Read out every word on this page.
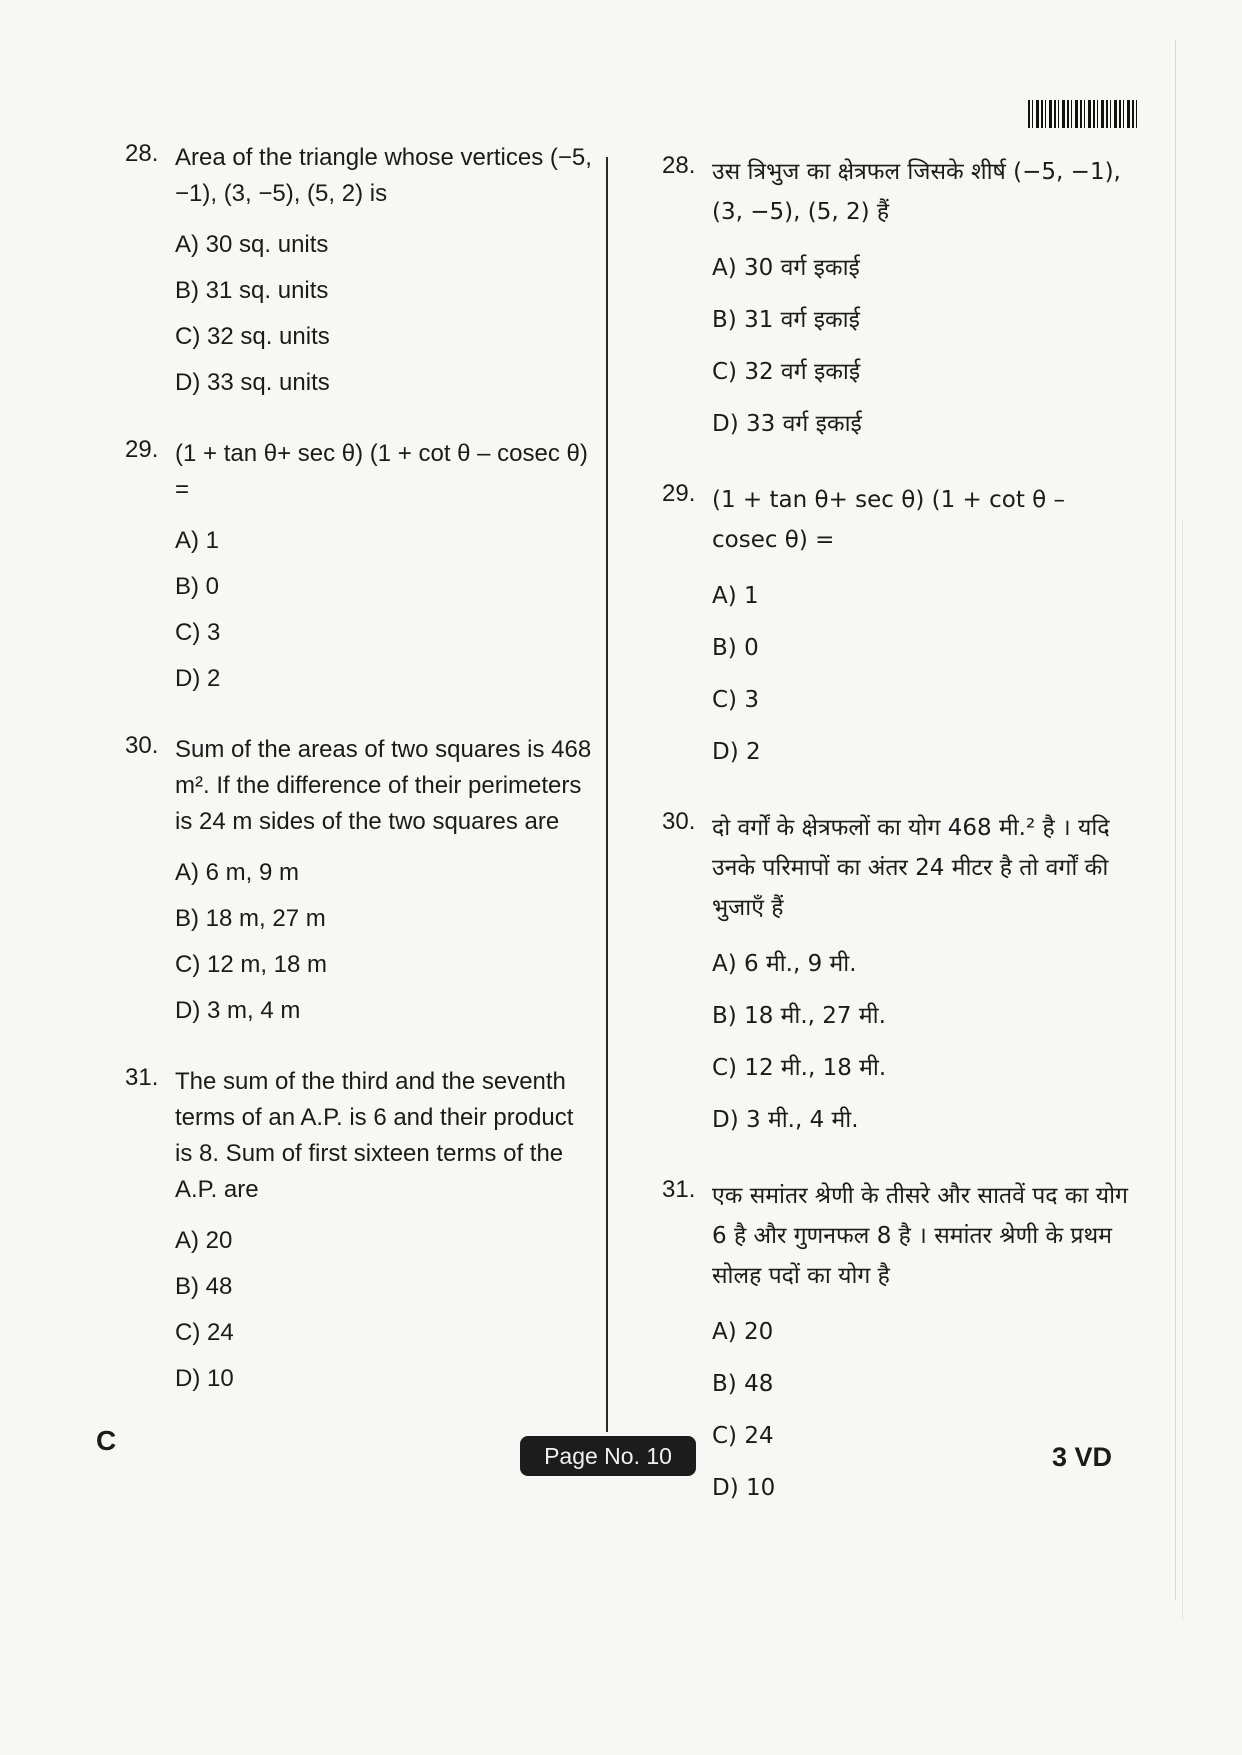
28. Area of the triangle whose vertices (−5, −1), (3, −5), (5, 2) is
A) 30 sq. units
B) 31 sq. units
C) 32 sq. units
D) 33 sq. units
29. (1 + tan θ+ sec θ) (1 + cot θ – cosec θ) =
A) 1
B) 0
C) 3
D) 2
30. Sum of the areas of two squares is 468 m². If the difference of their perimeters is 24 m sides of the two squares are
A) 6 m, 9 m
B) 18 m, 27 m
C) 12 m, 18 m
D) 3 m, 4 m
31. The sum of the third and the seventh terms of an A.P. is 6 and their product is 8. Sum of first sixteen terms of the A.P. are
A) 20
B) 48
C) 24
D) 10
28. उस त्रिभुज का क्षेत्रफल जिसके शीर्ष (−5, −1), (3, −5), (5, 2) हैं
A) 30 वर्ग इकाई
B) 31 वर्ग इकाई
C) 32 वर्ग इकाई
D) 33 वर्ग इकाई
29. (1 + tan θ+ sec θ) (1 + cot θ – cosec θ) =
A) 1
B) 0
C) 3
D) 2
30. दो वर्गों के क्षेत्रफलों का योग 468 मी.² है । यदि उनके परिमापों का अंतर 24 मीटर है तो वर्गों की भुजाएँ हैं
A) 6 मी., 9 मी.
B) 18 मी., 27 मी.
C) 12 मी., 18 मी.
D) 3 मी., 4 मी.
31. एक समांतर श्रेणी के तीसरे और सातवें पद का योग 6 है और गुणनफल 8 है । समांतर श्रेणी के प्रथम सोलह पदों का योग है
A) 20
B) 48
C) 24
D) 10
C	Page No. 10	3 VD
